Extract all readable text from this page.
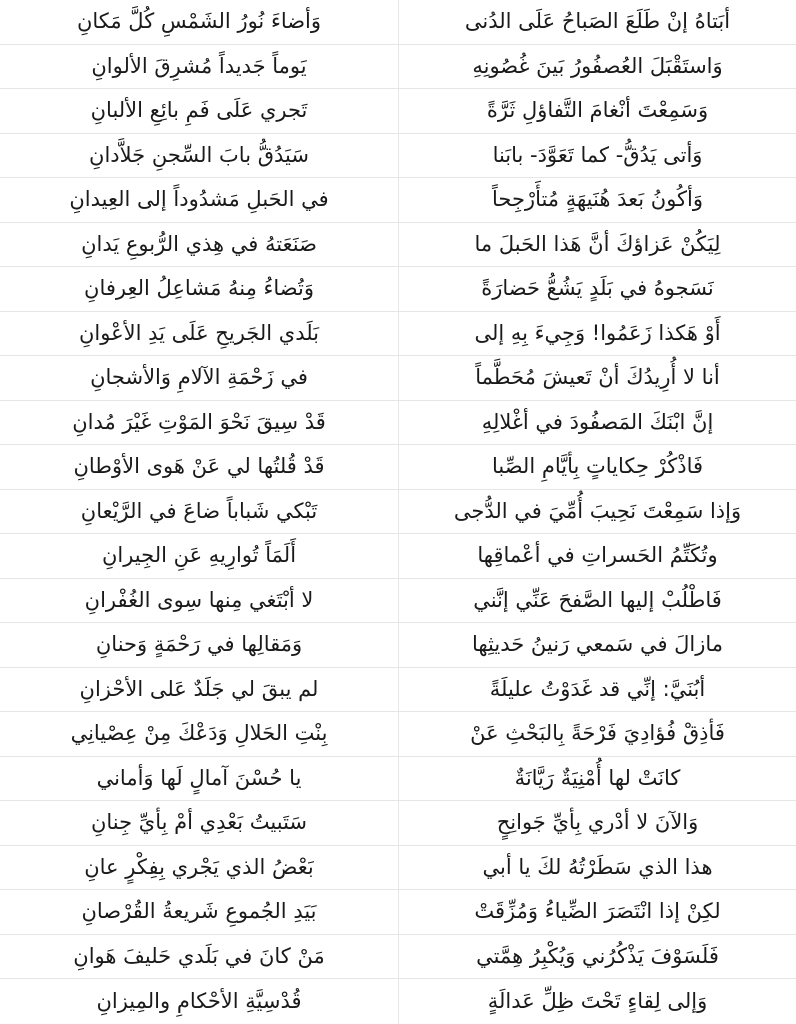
أبَتاهُ إنْ طَلَعَ الصَباحُ عَلَى الدُنى
وَأضاءَ نُورُ الشَمْسِ كُلَّ مَكانِ
وَاستَقْبَلَ العُصفُورُ بَينَ غُصُونِهِ
يَوماً جَديداً مُشرِقَ الألوانِ
وَسَمِعْتَ أنْغامَ التَّفاؤلِ ثَرَّةً
تَجري عَلَى فَمِ بائِعِ الألبانِ
وَأتى يَدُقُّ- كما تَعَوَّدَ- بابَنا
سَيَدُقُّ بابَ السِّجنِ جَلاَّدانِ
وَأكُونُ بَعدَ هُنَيهَةٍ مُتأَرْجِحاً
في الحَبلِ مَشدُوداً إلى العِيدانِ
لِيَكُنْ عَزاؤكَ أنَّ هَذا الحَبلَ ما
صَنَعَتهُ في هِذي الرُّبوعِ يَدانِ
نَسَجوهُ في بَلَدٍ يَشُعُّ حَضارَةً
وَتُضاءُ مِنهُ مَشاعِلُ العِرفانِ
أَوْ هَكذا زَعَمُوا! وَجِيءَ بِهِ إلى
بَلَدي الجَريحِ عَلَى يَدِ الأعْوانِ
أنا لا أُرِيدُكَ أنْ تَعيشَ مُحَطَّماً
في زَحْمَةِ الآلامِ وَالأشجانِ
إنَّ ابْنَكَ المَصفُودَ في أغْلالِهِ
قَدْ سِيقَ نَحْوَ المَوْتِ غَيْرَ مُدانِ
فَاذْكُرْ حِكاياتٍ بِأيَّامِ الصِّبا
قَدْ قُلتُها لي عَنْ هَوى الأوْطانِ
وَإذا سَمِعْتَ نَحِيبَ أُمِّيَ في الدُّجى
تَبْكي شَباباً ضاعَ في الرَّيْعانِ
وتُكَتِّمُ الحَسراتِ في أعْماقِها
أَلَمَاً تُوارِيهِ عَنِ الجِيرانِ
فَاطْلُبْ إليها الصَّفحَ عَنِّي إنَّني
لا أبْتَغي مِنها سِوى الغُفْرانِ
مازالَ في سَمعي رَنينُ حَديثِها
وَمَقالِها في رَحْمَةٍ وَحنانِ
أبُنَيَّ: إنِّي قد غَدَوْتُ عليلَةً
لم يبقَ لي جَلَدٌ عَلى الأحْزانِ
فَأذِقْ فُؤادِيَ فَرْحَةً بِالبَحْثِ عَنْ
بِنْتِ الحَلالِ وَدَعْكَ مِنْ عِصْيانِي
كانَتْ لها أُمْنِيَةٌ رَيَّانَةٌ
يا حُسْنَ آمالٍ لَها وَأماني
وَالآنَ لا أدْري بِأيِّ جَوانِحٍ
سَتَبيتُ بَعْدِي أمْ بِأيِّ جِنانِ
هذا الذي سَطَرْتُهُ لكَ يا أبي
بَعْضُ الذي يَجْري بِفِكْرٍ عانِ
لكِنْ إذا انْتَصَرَ الضِّياءُ وَمُزِّقَتْ
بَيَدِ الجُموعِ شَريعةُ القُرْصانِ
فَلَسَوْفَ يَذْكُرُني وَيُكْبِرُ هِمَّتي
مَنْ كانَ في بَلَدي حَليفَ هَوانِ
وَإلى لِقاءٍ تَحْتَ ظِلِّ عَدالَةٍ
قُدْسِيَّةِ الأحْكامِ والمِيزانِ
